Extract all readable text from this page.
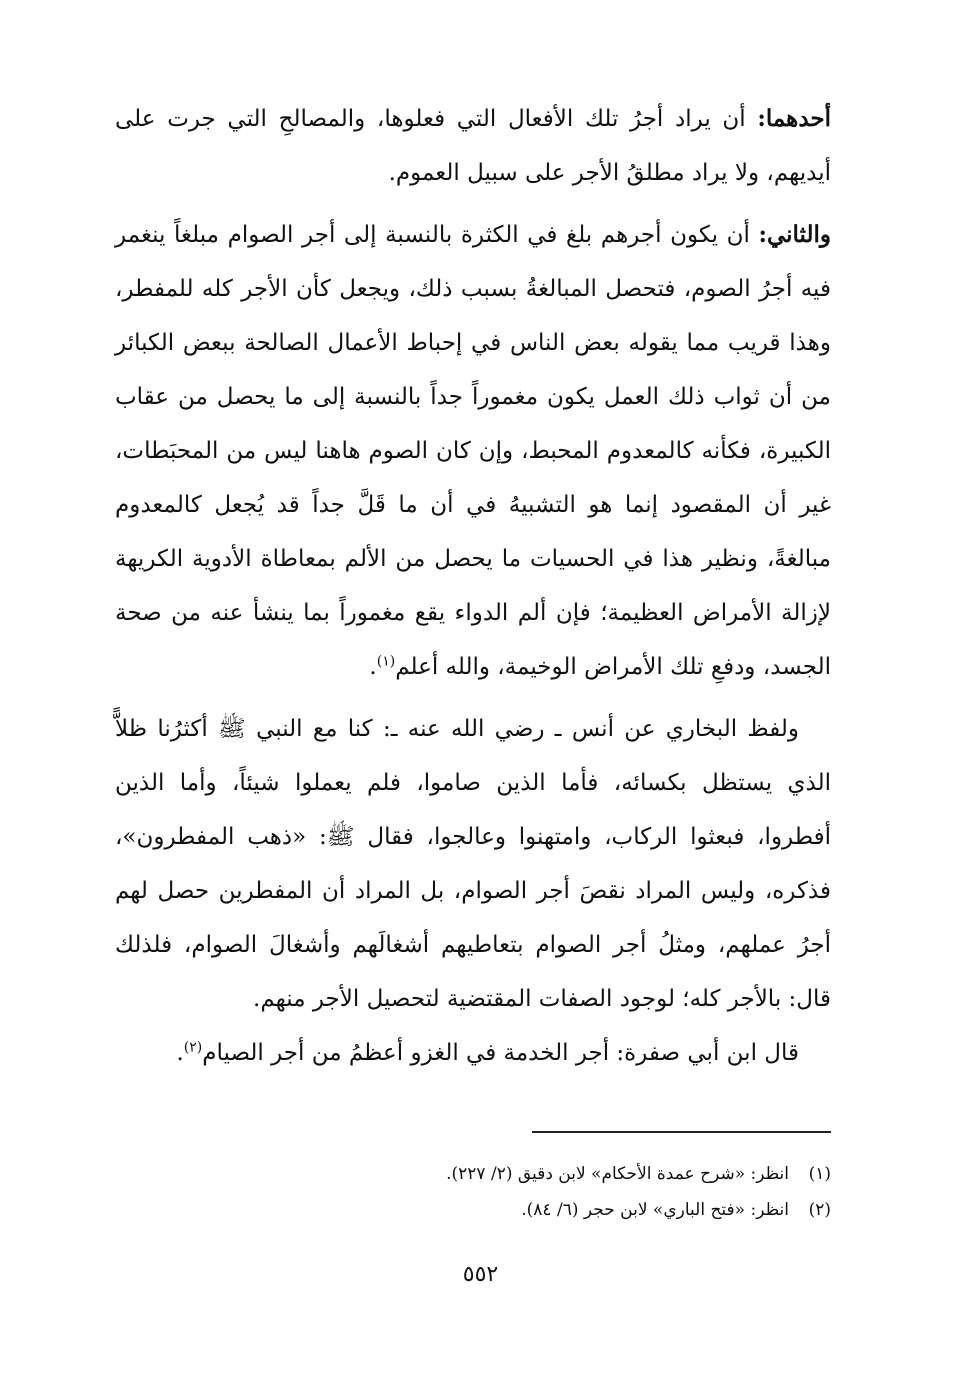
أحدهما: أن يراد أجرُ تلك الأفعال التي فعلوها، والمصالحِ التي جرت على أيديهم، ولا يراد مطلقُ الأجر على سبيل العموم.

والثاني: أن يكون أجرهم بلغ في الكثرة بالنسبة إلى أجر الصوام مبلغاً ينغمر فيه أجرُ الصوم، فتحصل المبالغةُ بسبب ذلك، ويجعل كأن الأجر كله للمفطر، وهذا قريب مما يقوله بعض الناس في إحباط الأعمال الصالحة ببعض الكبائر من أن ثواب ذلك العمل يكون مغموراً جداً بالنسبة إلى ما يحصل من عقاب الكبيرة، فكأنه كالمعدوم المحبط، وإن كان الصوم هاهنا ليس من المحبَطات، غير أن المقصود إنما هو التشبيهُ في أن ما قَلَّ جداً قد يُجعل كالمعدوم مبالغةً، ونظير هذا في الحسيات ما يحصل من الألم بمعاطاة الأدوية الكريهة لإزالة الأمراض العظيمة؛ فإن ألم الدواء يقع مغموراً بما ينشأ عنه من صحة الجسد، ودفعِ تلك الأمراض الوخيمة، والله أعلم$^{(١)}$.

ولفظ البخاري عن أنس ـ رضي الله عنه ـ: كنا مع النبي ﷺ أكثرُنا ظلاًّ الذي يستظل بكسائه، فأما الذين صاموا، فلم يعملوا شيئاً، وأما الذين أفطروا، فبعثوا الركاب، وامتهنوا وعالجوا، فقال ﷺ: «ذهب المفطرون»، فذكره، وليس المراد نقصَ أجر الصوام، بل المراد أن المفطرين حصل لهم أجرُ عملهم، ومثلُ أجر الصوام بتعاطيهم أشغالَهم وأشغالَ الصوام، فلذلك قال: بالأجر كله؛ لوجود الصفات المقتضية لتحصيل الأجر منهم.

قال ابن أبي صفرة: أجر الخدمة في الغزو أعظمُ من أجر الصيام$^{(٢)}$.

(١)
انظر: «شرح عمدة الأحكام» لابن دقيق (٢/ ٢٢٧).

(٢)
انظر: «فتح الباري» لابن حجر (٦/ ٨٤).

٥٥٢
